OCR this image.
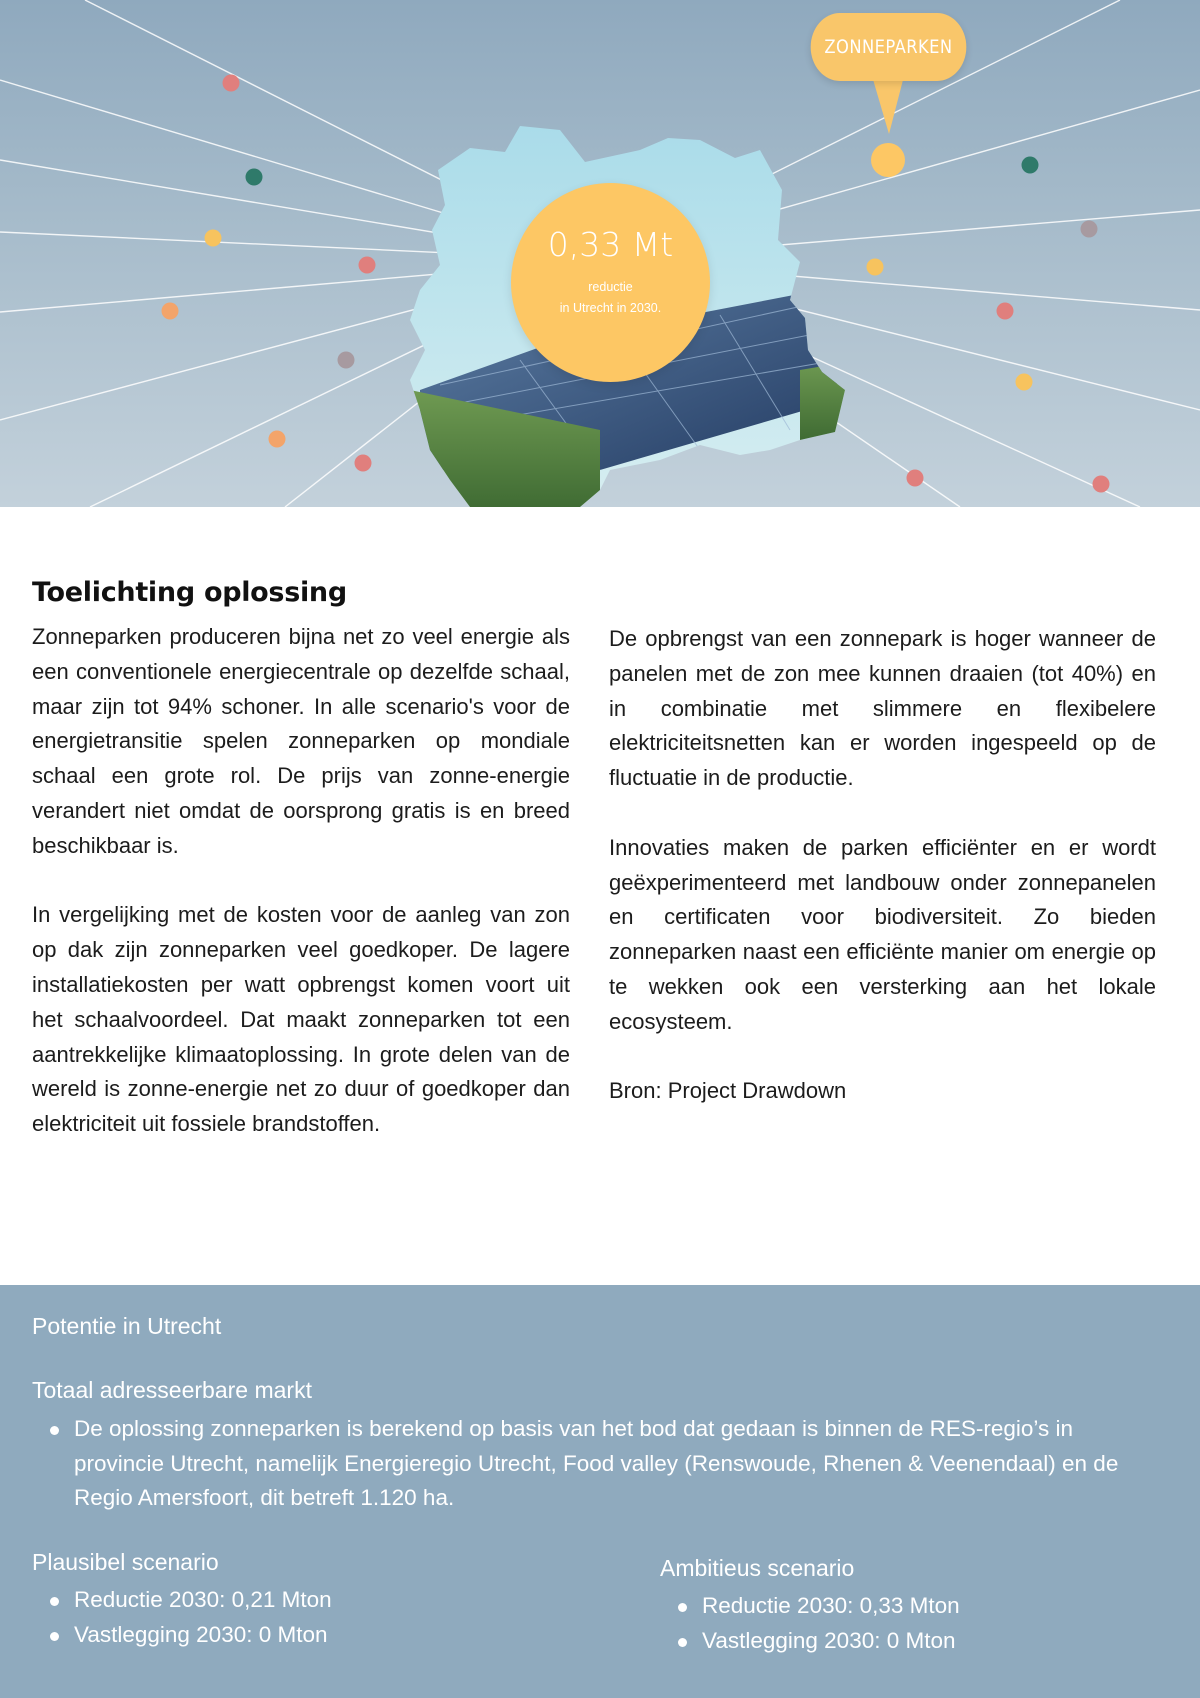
ZONNEPARKEN
0,33 Mt
reductie
in Utrecht in 2030.
Toelichting oplossing

Zonneparken produceren bijna net zo veel energie als een conventionele energiecentrale op dezelfde schaal, maar zijn tot 94% schoner. In alle scenario's voor de energietransitie spelen zonneparken op mondiale schaal een grote rol. De prijs van zonne-energie verandert niet omdat de oorsprong gratis is en breed beschikbaar is.

In vergelijking met de kosten voor de aanleg van zon op dak zijn zonneparken veel goedkoper. De lagere installatiekosten per watt opbrengst komen voort uit het schaalvoordeel. Dat maakt zonneparken tot een aantrekkelijke klimaatoplossing. In grote delen van de wereld is zonne-energie net zo duur of goedkoper dan elektriciteit uit fossiele brandstoffen.

De opbrengst van een zonnepark is hoger wanneer de panelen met de zon mee kunnen draaien (tot 40%) en in combinatie met slimmere en flexibelere elektriciteitsnetten kan er worden ingespeeld op de fluctuatie in de productie.

Innovaties maken de parken efficiënter en er wordt geëxperimenteerd met landbouw onder zonnepanelen en certificaten voor biodiversiteit. Zo bieden zonneparken naast een efficiënte manier om energie op te wekken ook een versterking aan het lokale ecosysteem.

Bron: Project Drawdown

Potentie in Utrecht
Totaal adresseerbare markt
De oplossing zonneparken is berekend op basis van het bod dat gedaan is binnen de RES-regio’s in provincie Utrecht, namelijk Energieregio Utrecht, Food valley (Renswoude, Rhenen & Veenendaal) en de Regio Amersfoort, dit betreft 1.120 ha.
Plausibel scenario
Reductie 2030: 0,21 Mton
Vastlegging 2030: 0 Mton
Ambitieus scenario
Reductie 2030: 0,33 Mton
Vastlegging 2030: 0 Mton
